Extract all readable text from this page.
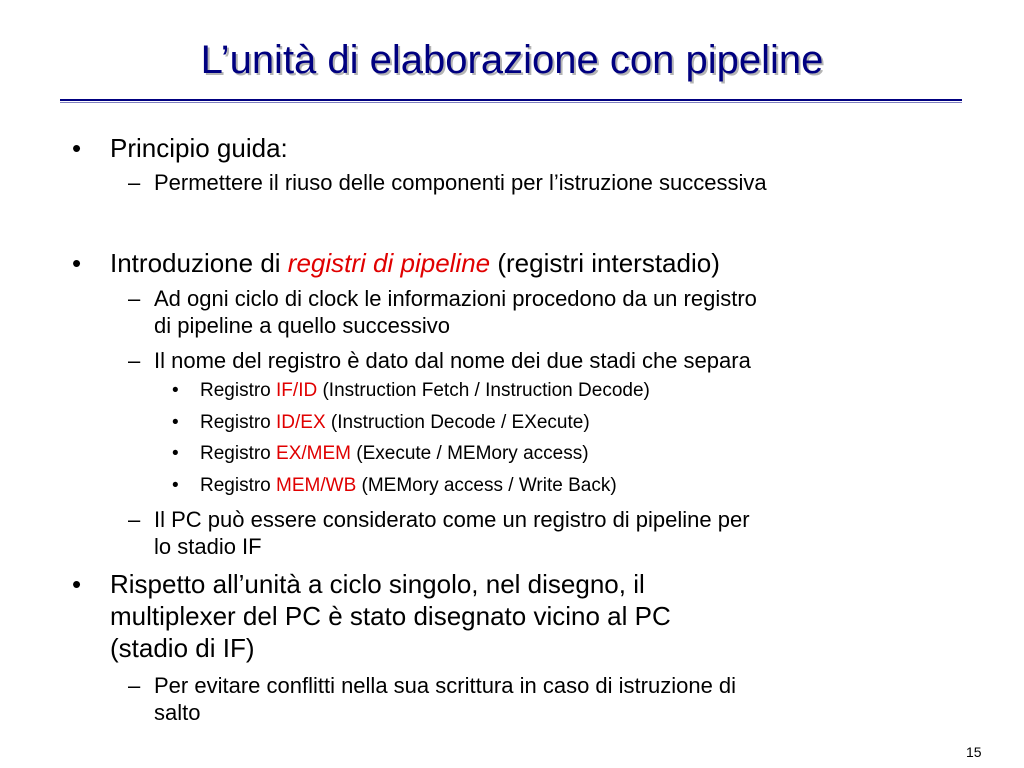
L’unità di elaborazione con pipeline
• Principio guida:
– Permettere il riuso delle componenti per l’istruzione successiva
• Introduzione di registri di pipeline (registri interstadio)
– Ad ogni ciclo di clock le informazioni procedono da un registro
di pipeline a quello successivo
– Il nome del registro è dato dal nome dei due stadi che separa
• Registro IF/ID (Instruction Fetch / Instruction Decode)
• Registro ID/EX (Instruction Decode / EXecute)
• Registro EX/MEM (Execute / MEMory access)
• Registro MEM/WB (MEMory access / Write Back)
– Il PC può essere considerato come un registro di pipeline per
lo stadio IF
• Rispetto all’unità a ciclo singolo, nel disegno, il
multiplexer del PC è stato disegnato vicino al PC
(stadio di IF)
– Per evitare conflitti nella sua scrittura in caso di istruzione di
salto
15
